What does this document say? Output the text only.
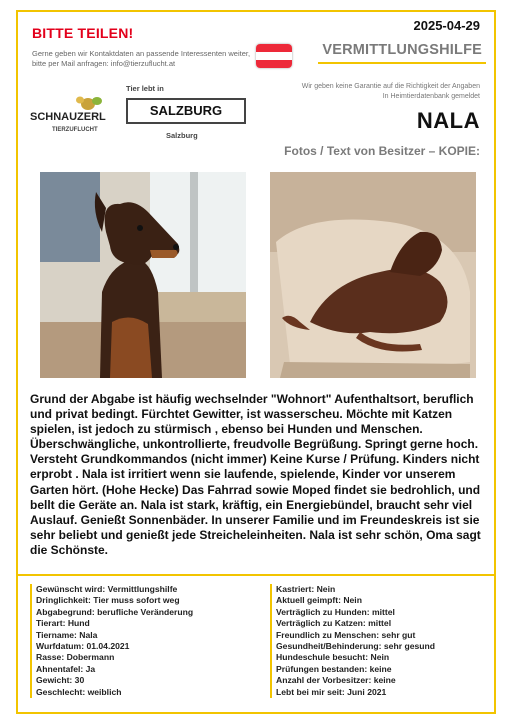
BITTE TEILEN!	2025-04-29
Gerne geben wir Kontaktdaten an passende Interessenten weiter, bitte per Mail anfragen: info@tierzuflucht.at
VERMITTLUNGSHILFE
Wir geben keine Garantie auf die Richtigkeit der Angaben
In Heimtierdatenbank gemeldet
SCHNAUZERL
TIERZUFLUCHT
Tier lebt in
SALZBURG
Salzburg
NALA
Fotos / Text von Besitzer – KOPIE:
Grund der Abgabe ist häufig wechselnder "Wohnort" Aufenthaltsort, beruflich und privat bedingt. Fürchtet Gewitter, ist wasserscheu. Möchte mit Katzen spielen, ist jedoch zu stürmisch , ebenso bei Hunden und Menschen. Überschwängliche, unkontrollierte, freudvolle Begrüßung. Springt gerne hoch. Versteht Grundkommandos (nicht immer) Keine Kurse / Prüfung. Kinders nicht erprobt . Nala ist irritiert wenn sie laufende, spielende, Kinder vor unserem Garten hört. (Hohe Hecke) Das Fahrrad sowie Moped findet sie bedrohlich, und bellt die Geräte an. Nala ist stark, kräftig, ein Energiebündel, braucht sehr viel Auslauf. Genießt Sonnenbäder. In unserer Familie und im Freundeskreis ist sie sehr beliebt und genießt jede Streicheleinheiten. Nala ist sehr schön, Oma sagt die Schönste.
Gewünscht wird: Vermittlungshilfe
Dringlichkeit: Tier muss sofort weg
Abgabegrund: berufliche Veränderung
Tierart: Hund
Tiername: Nala
Wurfdatum: 01.04.2021
Rasse: Dobermann
Ahnentafel: Ja
Gewicht: 30
Geschlecht: weiblich
Kastriert: Nein
Aktuell geimpft: Nein
Verträglich zu Hunden: mittel
Verträglich zu Katzen: mittel
Freundlich zu Menschen: sehr gut
Gesundheit/Behinderung: sehr gesund
Hundeschule besucht: Nein
Prüfungen bestanden: keine
Anzahl der Vorbesitzer: keine
Lebt bei mir seit: Juni 2021
